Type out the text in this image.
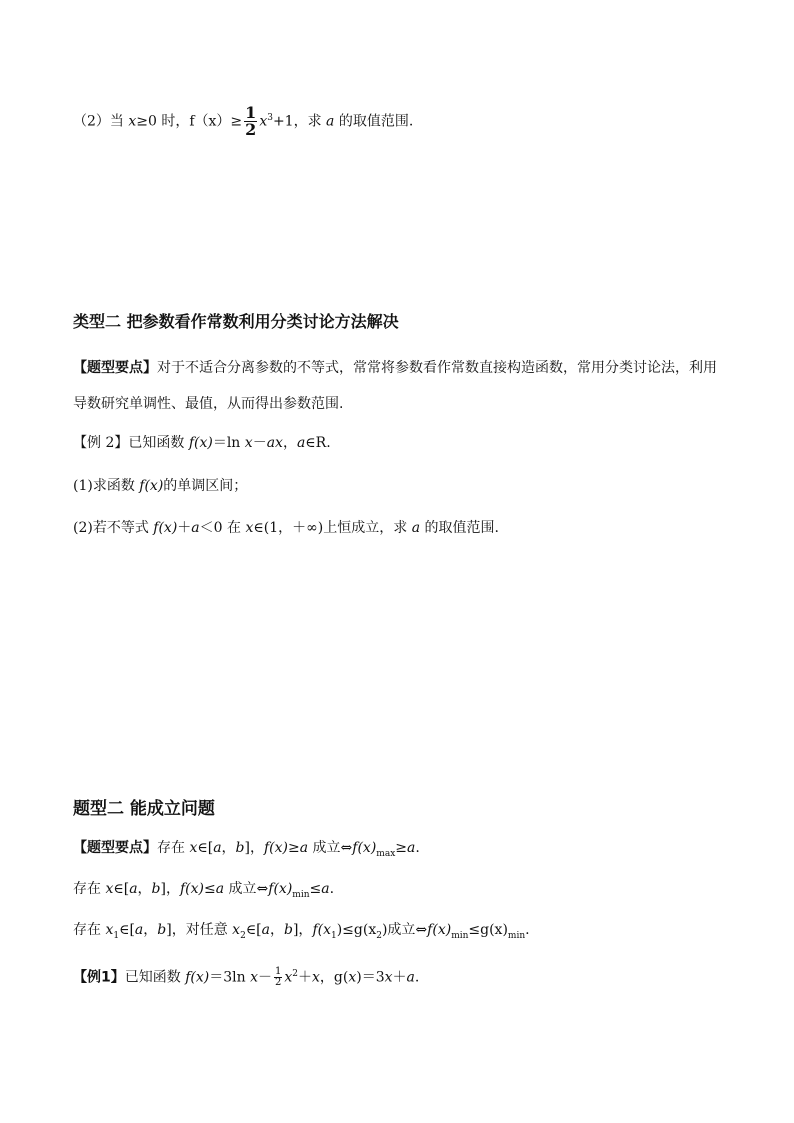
（2）当 x≥0 时，$f(x)\ge \frac{1}{2} x^3+1$，求 a 的取值范围.
类型二 把参数看作常数利用分类讨论方法解决
【题型要点】对于不适合分离参数的不等式，常常将参数看作常数直接构造函数，常用分类讨论法，利用
导数研究单调性、最值，从而得出参数范围.
【例 2】已知函数 f(x)＝ln x－ax，a∈R.
(1)求函数 f(x)的单调区间；
(2)若不等式 f(x)＋a＜0 在 x∈(1，＋∞)上恒成立，求 a 的取值范围.
题型二 能成立问题
【题型要点】存在 x∈[a，b]，f(x)≥a 成立$\Leftrightarrow f(x)_{max}\ge a$.
存在 x∈[a，b]，f(x)≤a 成立$\Leftrightarrow f(x)_{min}\le a$.
存在 $x_1\in[a$，b]，对任意 $x_2\in[a$，b]，$f(x_1)\le g(x_2)$成立$\Leftrightarrow f(x)_{min}\le g(x)_{min}$.
【例1】已知函数 f(x)＝3ln $x- \frac{1}{2} x^2+x$，g(x)＝3x＋a.
